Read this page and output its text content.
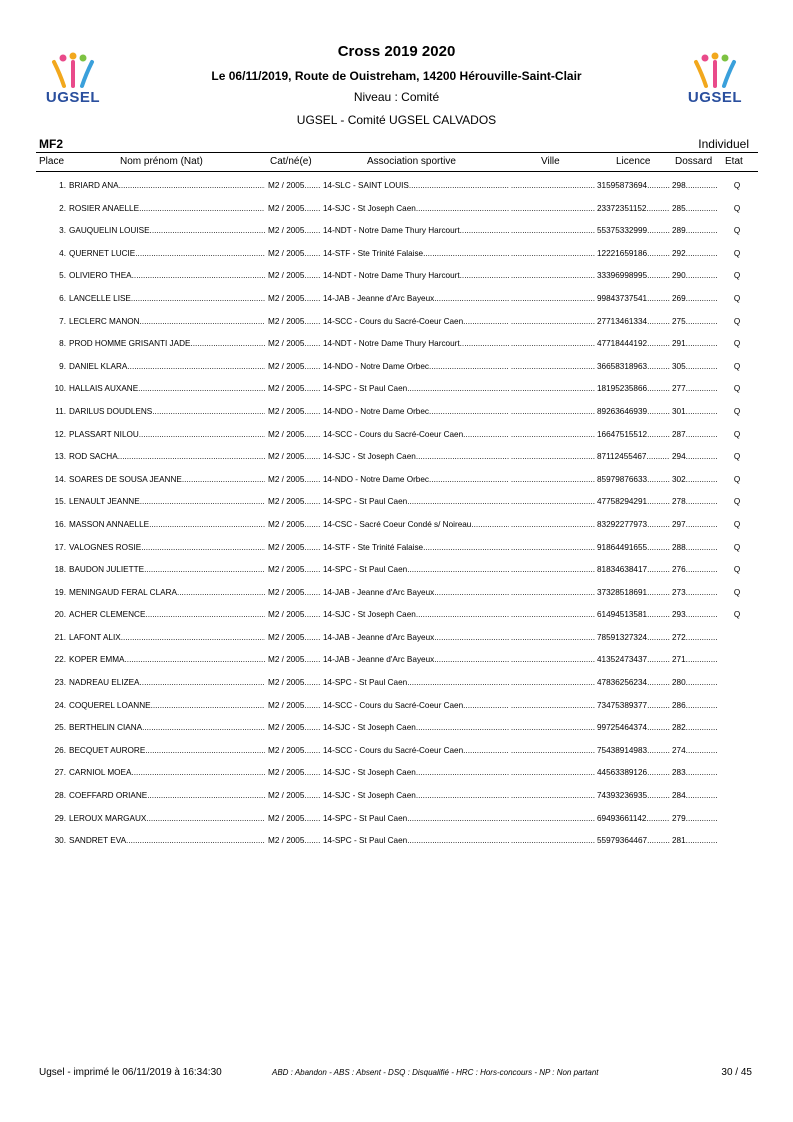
UGSEL	UGSEL
Cross 2019 2020
Le 06/11/2019, Route de Ouistreham, 14200 Hérouville-Saint-Clair
Niveau : Comité
UGSEL - Comité UGSEL CALVADOS
MF2	Individuel
Place	Nom prénom (Nat)	Cat/né(e)	Association sportive	Ville	Licence Dossard Etat
1. BRIARD ANA .....	M2 / 2005 .....	14-SLC - SAINT LOUIS ..... .....	31595873694 .....	298 .....	Q
2. ROSIER ANAELLE .....	M2 / 2005 .....	14-SJC - St Joseph Caen ..... .....	23372351152 .....	285 .....	Q
3. GAUQUELIN LOUISE .....	M2 / 2005 .....	14-NDT - Notre Dame Thury Harcourt ..... .....	55375332999 .....	289 .....	Q
4. QUERNET LUCIE .....	M2 / 2005 .....	14-STF - Ste Trinité Falaise ..... .....	12221659186 .....	292 .....	Q
5. OLIVIERO THEA .....	M2 / 2005 .....	14-NDT - Notre Dame Thury Harcourt ..... .....	33396998995 .....	290 .....	Q
6. LANCELLE LISE .....	M2 / 2005 .....	14-JAB - Jeanne d'Arc Bayeux ..... .....	99843737541 .....	269 .....	Q
7. LECLERC MANON .....	M2 / 2005 .....	14-SCC - Cours du Sacré-Coeur Caen ..... .....	27713461334 .....	275 .....	Q
8. PROD HOMME GRISANTI JADE .....	M2 / 2005 .....	14-NDT - Notre Dame Thury Harcourt ..... .....	47718444192 .....	291 .....	Q
9. DANIEL KLARA .....	M2 / 2005 .....	14-NDO - Notre Dame Orbec ..... .....	36658318963 .....	305 .....	Q
10. HALLAIS AUXANE .....	M2 / 2005 .....	14-SPC - St Paul Caen ..... .....	18195235866 .....	277 .....	Q
11. DARILUS DOUDLENS .....	M2 / 2005 .....	14-NDO - Notre Dame Orbec ..... .....	89263646939 .....	301 .....	Q
12. PLASSART NILOU .....	M2 / 2005 .....	14-SCC - Cours du Sacré-Coeur Caen ..... .....	16647515512 .....	287 .....	Q
13. ROD SACHA .....	M2 / 2005 .....	14-SJC - St Joseph Caen ..... .....	87112455467 .....	294 .....	Q
14. SOARES DE SOUSA JEANNE .....	M2 / 2005 .....	14-NDO - Notre Dame Orbec ..... .....	85979876633 .....	302 .....	Q
15. LENAULT JEANNE .....	M2 / 2005 .....	14-SPC - St Paul Caen ..... .....	47758294291 .....	278 .....	Q
16. MASSON ANNAELLE .....	M2 / 2005 .....	14-CSC - Sacré Coeur Condé s/ Noireau ..... .....	83292277973 .....	297 .....	Q
17. VALOGNES ROSIE .....	M2 / 2005 .....	14-STF - Ste Trinité Falaise ..... .....	91864491655 .....	288 .....	Q
18. BAUDON JULIETTE .....	M2 / 2005 .....	14-SPC - St Paul Caen ..... .....	81834638417 .....	276 .....	Q
19. MENINGAUD FERAL CLARA .....	M2 / 2005 .....	14-JAB - Jeanne d'Arc Bayeux ..... .....	37328518691 .....	273 .....	Q
20. ACHER CLEMENCE .....	M2 / 2005 .....	14-SJC - St Joseph Caen ..... .....	61494513581 .....	293 .....	Q
21. LAFONT ALIX .....	M2 / 2005 .....	14-JAB - Jeanne d'Arc Bayeux ..... .....	78591327324 .....	272 .....
22. KOPER EMMA .....	M2 / 2005 .....	14-JAB - Jeanne d'Arc Bayeux ..... .....	41352473437 .....	271 .....
23. NADREAU ELIZEA .....	M2 / 2005 .....	14-SPC - St Paul Caen ..... .....	47836256234 .....	280 .....
24. COQUEREL LOANNE .....	M2 / 2005 .....	14-SCC - Cours du Sacré-Coeur Caen ..... .....	73475389377 .....	286 .....
25. BERTHELIN CIANA .....	M2 / 2005 .....	14-SJC - St Joseph Caen ..... .....	99725464374 .....	282 .....
26. BECQUET AURORE .....	M2 / 2005 .....	14-SCC - Cours du Sacré-Coeur Caen ..... .....	75438914983 .....	274 .....
27. CARNIOL MOEA .....	M2 / 2005 .....	14-SJC - St Joseph Caen ..... .....	44563389126 .....	283 .....
28. COEFFARD ORIANE .....	M2 / 2005 .....	14-SJC - St Joseph Caen ..... .....	74393236935 .....	284 .....
29. LEROUX MARGAUX .....	M2 / 2005 .....	14-SPC - St Paul Caen ..... .....	69493661142 .....	279 .....
30. SANDRET EVA .....	M2 / 2005 .....	14-SPC - St Paul Caen ..... .....	55979364467 .....	281 .....
Ugsel - imprimé le 06/11/2019 à 16:34:30	ABD : Abandon - ABS : Absent - DSQ : Disqualifié - HRC : Hors-concours - NP : Non partant	30 / 45
